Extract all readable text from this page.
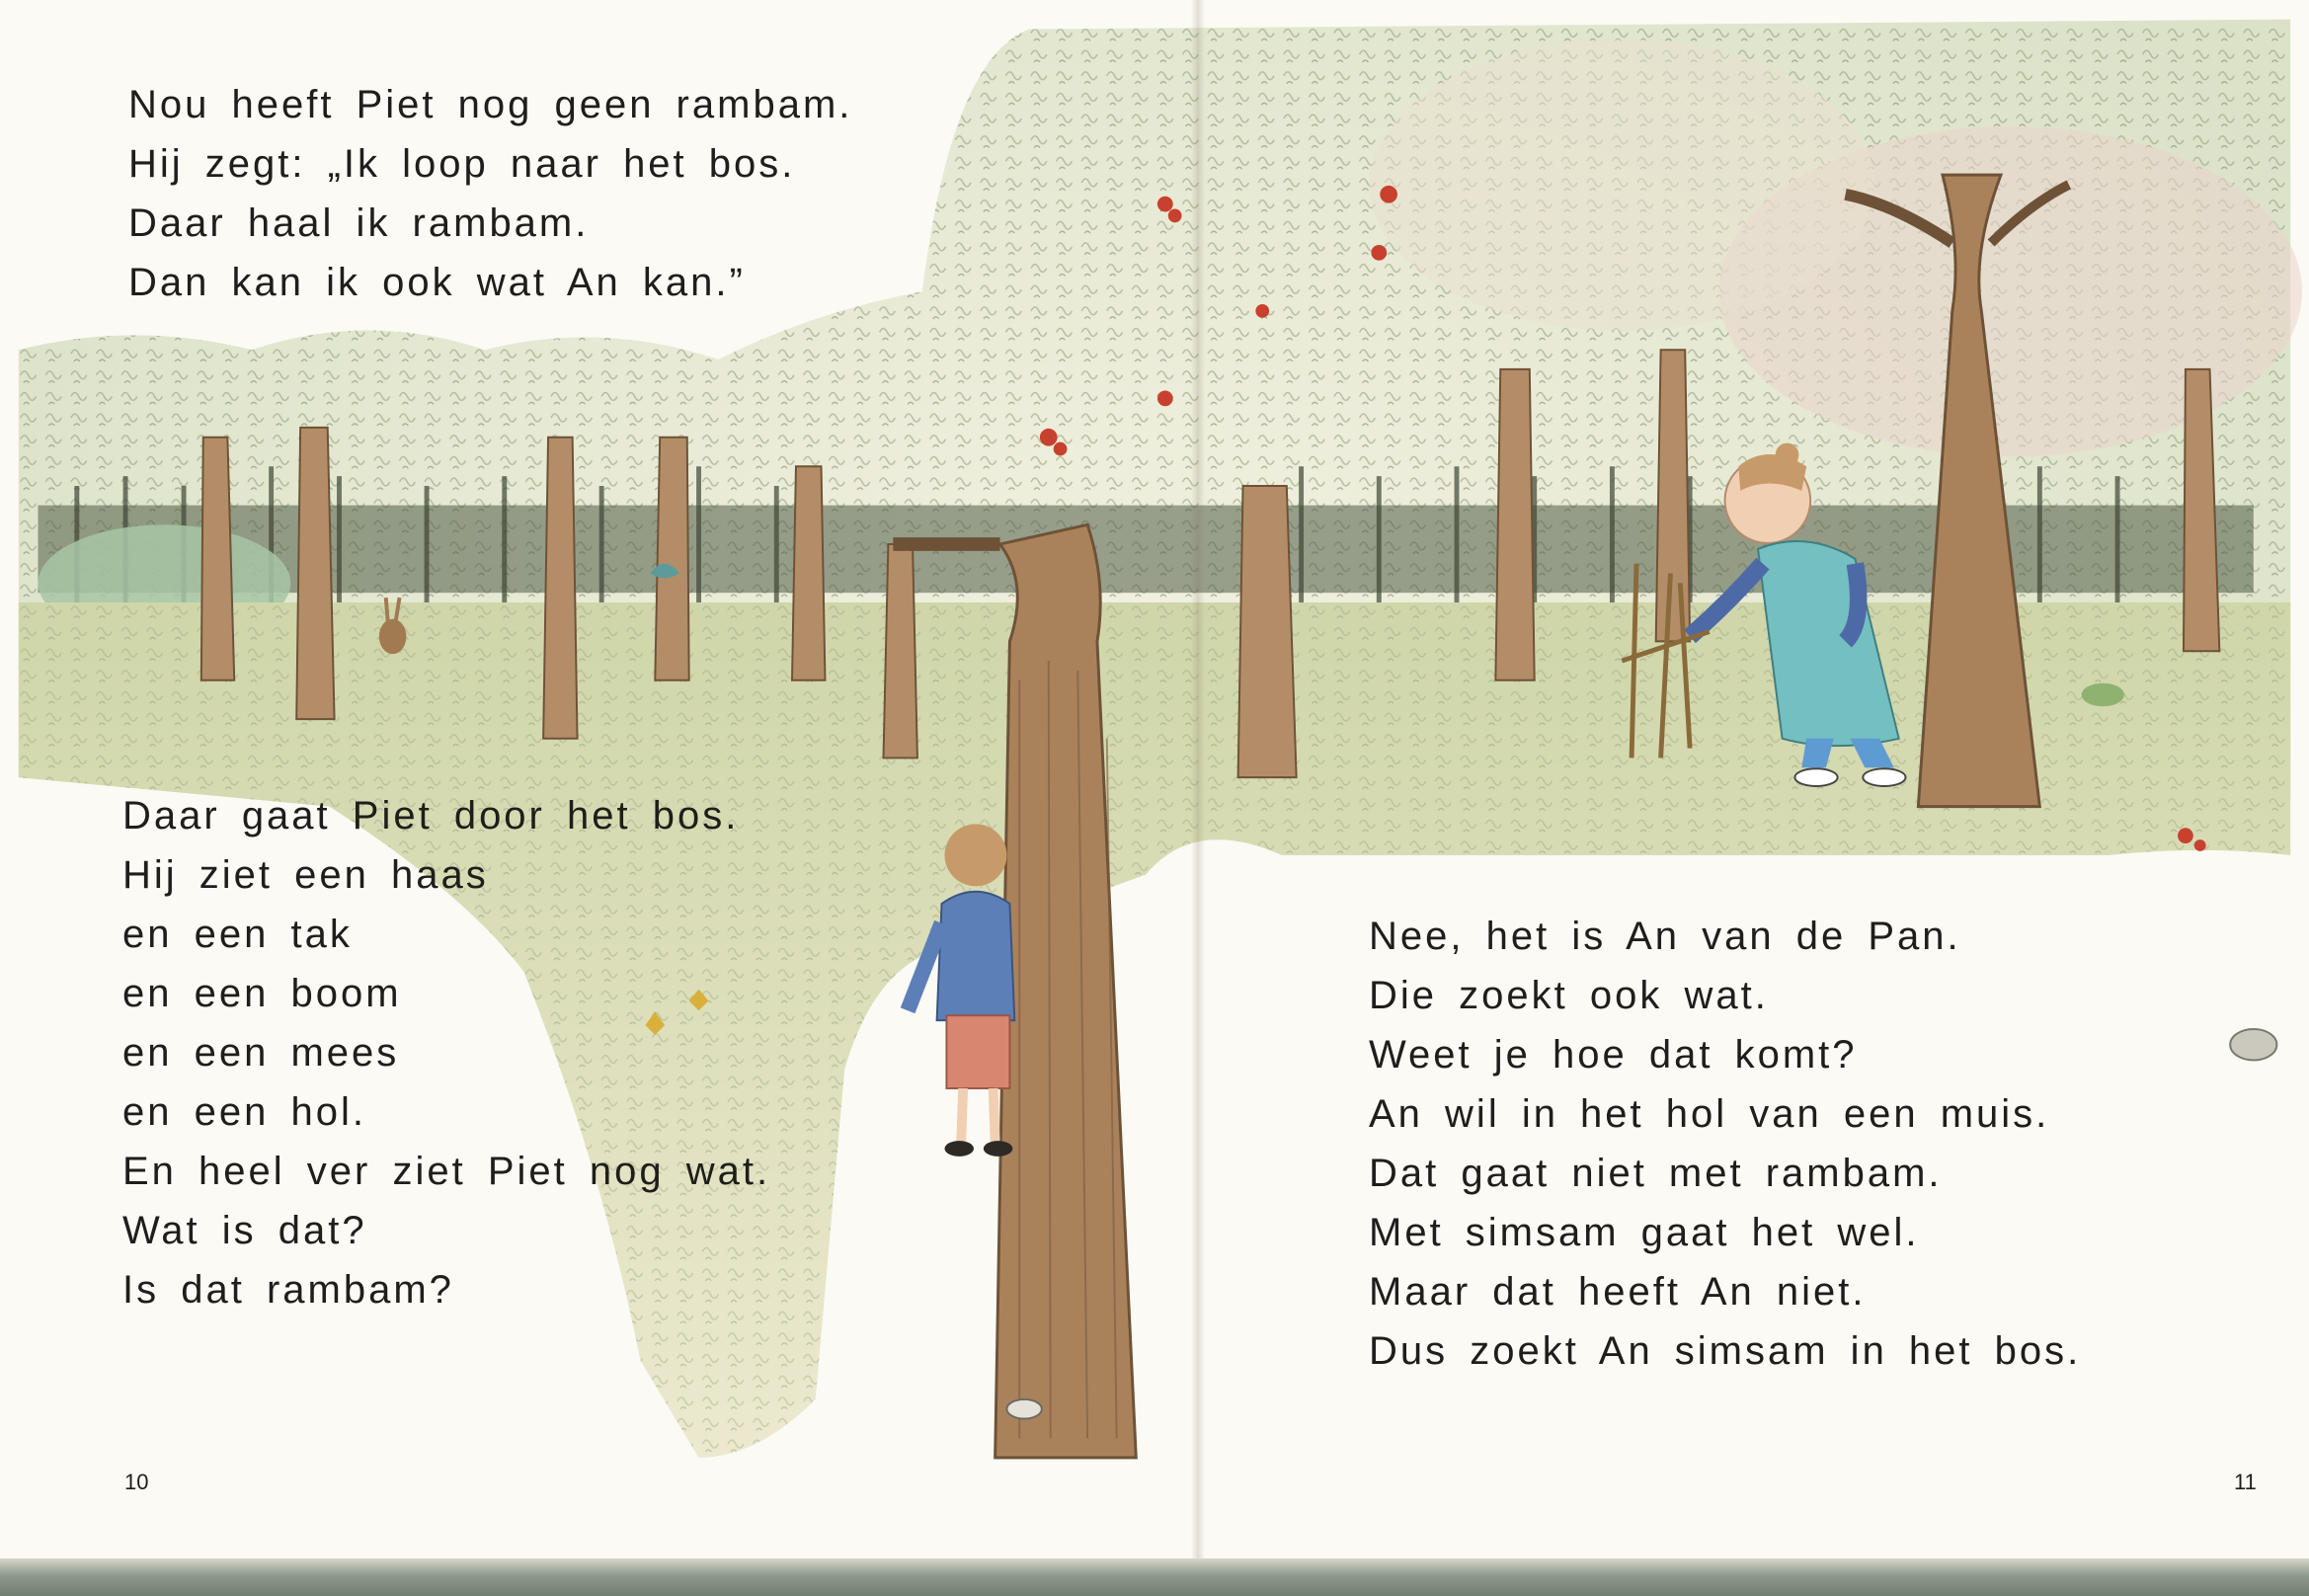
Nou heeft Piet nog geen rambam.
Hij zegt: „Ik loop naar het bos.
Daar haal ik rambam.
Dan kan ik ook wat An kan.”
Daar gaat Piet door het bos.
Hij ziet een haas
en een tak
en een boom
en een mees
en een hol.
En heel ver ziet Piet nog wat.
Wat is dat?
Is dat rambam?
Nee, het is An van de Pan.
Die zoekt ook wat.
Weet je hoe dat komt?
An wil in het hol van een muis.
Dat gaat niet met rambam.
Met simsam gaat het wel.
Maar dat heeft An niet.
Dus zoekt An simsam in het bos.
10	11
